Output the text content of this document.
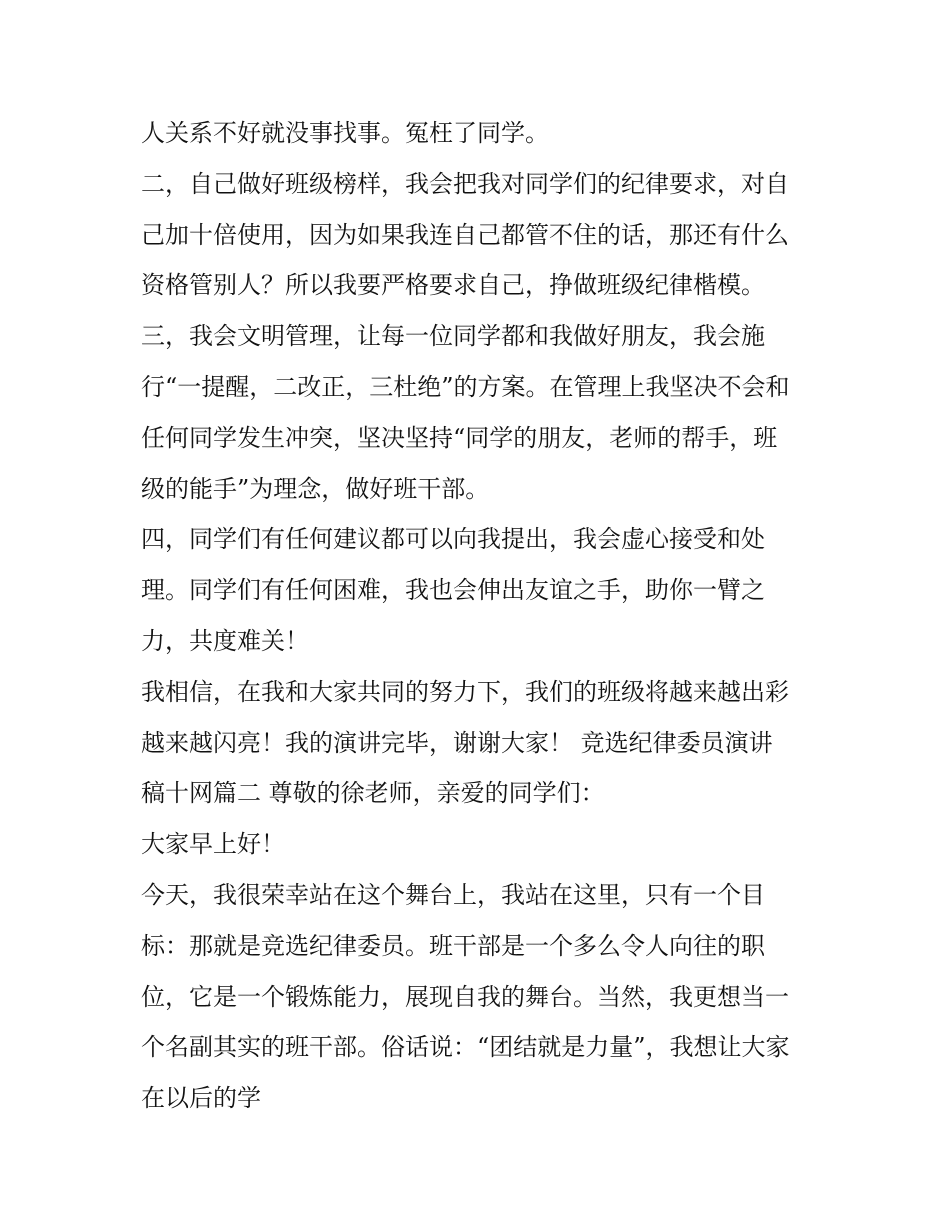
人关系不好就没事找事。冤枉了同学。
二，自己做好班级榜样，我会把我对同学们的纪律要求，对自
己加十倍使用，因为如果我连自己都管不住的话，那还有什么
资格管别人？所以我要严格要求自己，挣做班级纪律楷模。
三，我会文明管理，让每一位同学都和我做好朋友，我会施
行“一提醒，二改正，三杜绝”的方案。在管理上我坚决不会和
任何同学发生冲突，坚决坚持“同学的朋友，老师的帮手，班
级的能手”为理念，做好班干部。
四，同学们有任何建议都可以向我提出，我会虚心接受和处
理。同学们有任何困难，我也会伸出友谊之手，助你一臂之
力，共度难关！
我相信，在我和大家共同的努力下，我们的班级将越来越出彩
越来越闪亮！我的演讲完毕，谢谢大家！ 竞选纪律委员演讲
稿十网篇二 尊敬的徐老师，亲爱的同学们：
大家早上好！
今天，我很荣幸站在这个舞台上，我站在这里，只有一个目
标：那就是竞选纪律委员。班干部是一个多么令人向往的职
位，它是一个锻炼能力，展现自我的舞台。当然，我更想当一
个名副其实的班干部。俗话说：“团结就是力量”，我想让大家
在以后的学
